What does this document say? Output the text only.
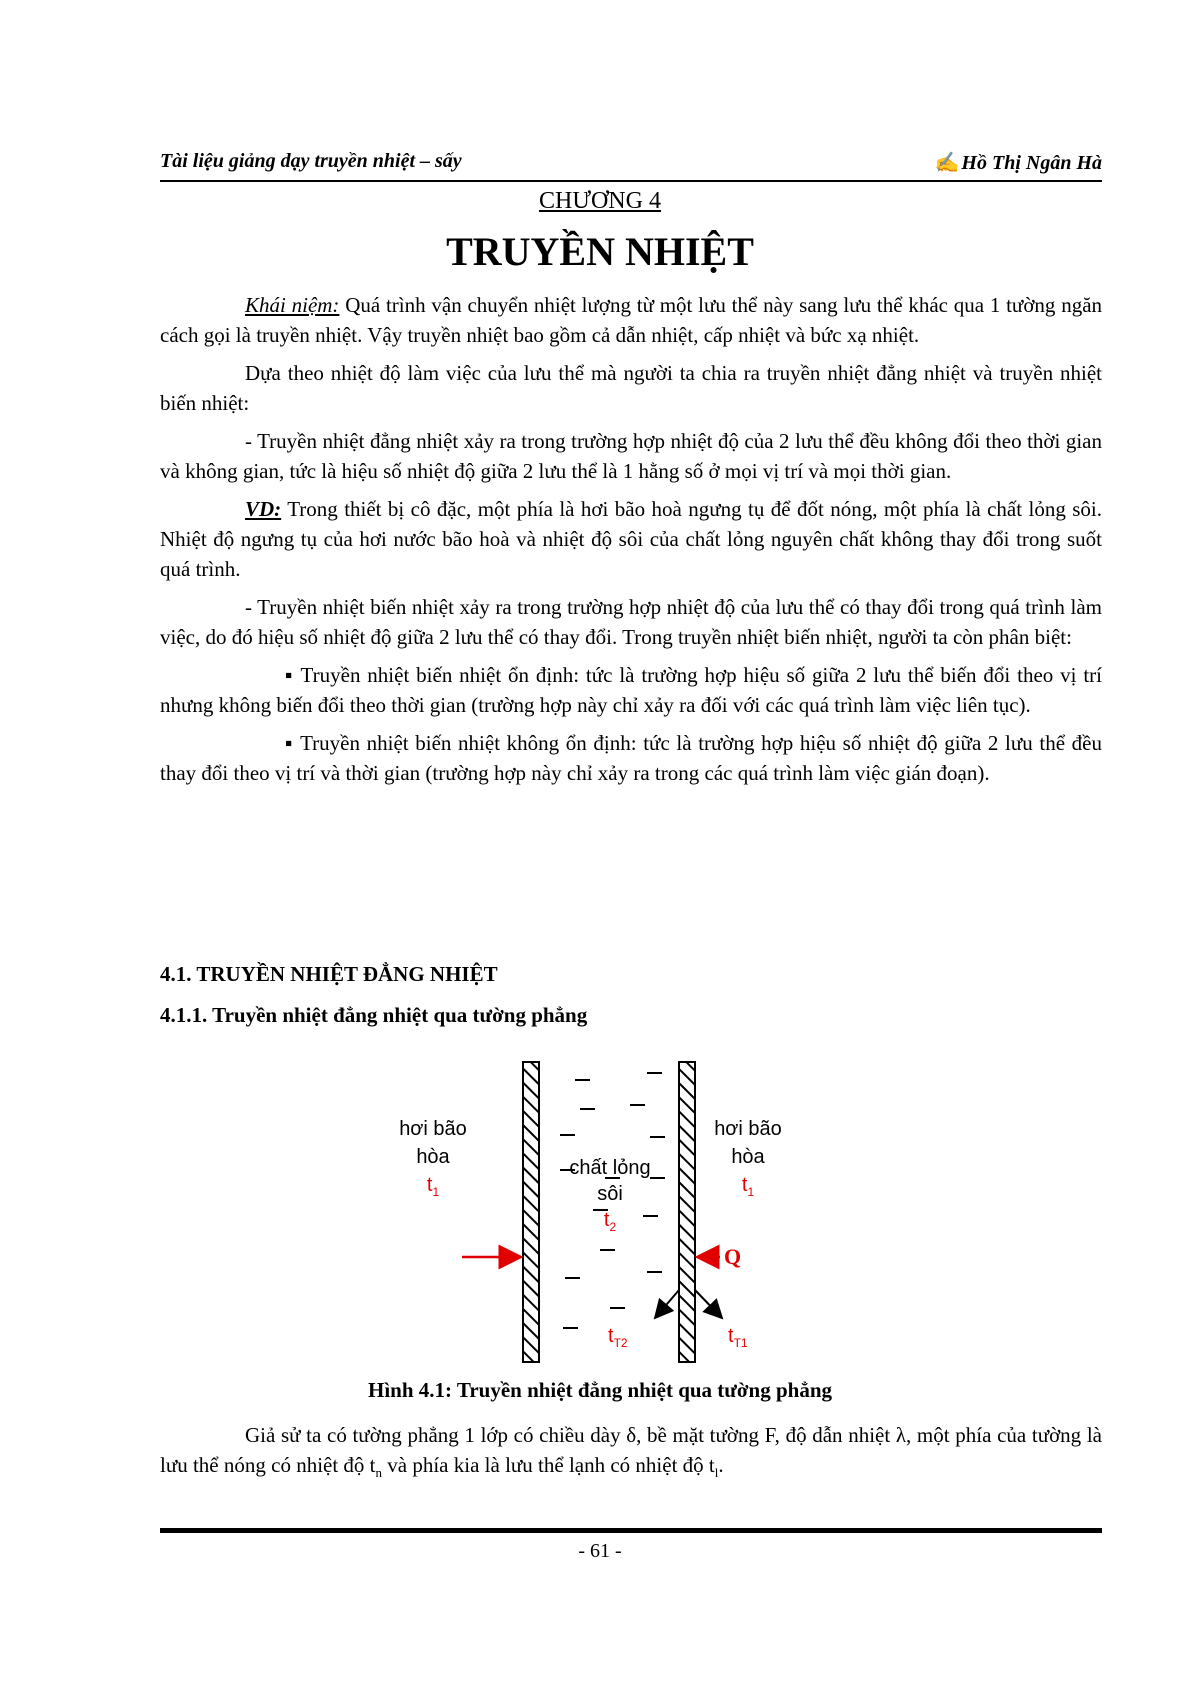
Tài liệu giảng dạy truyền nhiệt – sấy	✍ Hồ Thị Ngân Hà
CHƯƠNG 4
TRUYỀN NHIỆT

Khái niệm: Quá trình vận chuyển nhiệt lượng từ một lưu thể này sang lưu thể khác qua 1 tường ngăn cách gọi là truyền nhiệt. Vậy truyền nhiệt bao gồm cả dẫn nhiệt, cấp nhiệt và bức xạ nhiệt.

Dựa theo nhiệt độ làm việc của lưu thể mà người ta chia ra truyền nhiệt đẳng nhiệt và truyền nhiệt biến nhiệt:

- Truyền nhiệt đẳng nhiệt xảy ra trong trường hợp nhiệt độ của 2 lưu thể đều không đổi theo thời gian và không gian, tức là hiệu số nhiệt độ giữa 2 lưu thể là 1 hằng số ở mọi vị trí và mọi thời gian.

VD: Trong thiết bị cô đặc, một phía là hơi bão hoà ngưng tụ để đốt nóng, một phía là chất lỏng sôi. Nhiệt độ ngưng tụ của hơi nước bão hoà và nhiệt độ sôi của chất lỏng nguyên chất không thay đổi trong suốt quá trình.

- Truyền nhiệt biến nhiệt xảy ra trong trường hợp nhiệt độ của lưu thể có thay đổi trong quá trình làm việc, do đó hiệu số nhiệt độ giữa 2 lưu thể có thay đổi. Trong truyền nhiệt biến nhiệt, người ta còn phân biệt:

▪ Truyền nhiệt biến nhiệt ổn định: tức là trường hợp hiệu số giữa 2 lưu thể biến đổi theo vị trí nhưng không biến đổi theo thời gian (trường hợp này chỉ xảy ra đối với các quá trình làm việc liên tục).

▪ Truyền nhiệt biến nhiệt không ổn định: tức là trường hợp hiệu số nhiệt độ giữa 2 lưu thể đều thay đổi theo vị trí và thời gian (trường hợp này chỉ xảy ra trong các quá trình làm việc gián đoạn).

4.1. TRUYỀN NHIỆT ĐẲNG NHIỆT
4.1.1. Truyền nhiệt đẳng nhiệt qua tường phẳng
hơi bão
hòa
$t_1$
chất lỏng
sôi
$t_2$
hơi bão
hòa
$t_1$
Q
$t_{T2}$	$t_{T1}$
Hình 4.1: Truyền nhiệt đẳng nhiệt qua tường phẳng

Giả sử ta có tường phẳng 1 lớp có chiều dày δ, bề mặt tường F, độ dẫn nhiệt λ, một phía của tường là lưu thể nóng có nhiệt độ $t_n$ và phía kia là lưu thể lạnh có nhiệt độ $t_l$.

- 61 -
